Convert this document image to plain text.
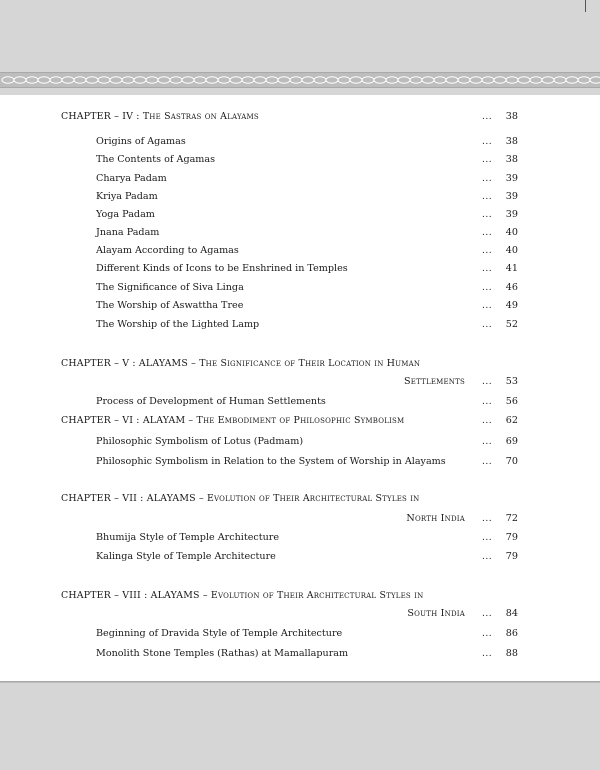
CHAPTER – IV : The Sastras on Alayams	...	38
Origins of Agamas	...	38
The Contents of Agamas	...	38
Charya Padam	...	39
Kriya Padam	...	39
Yoga Padam	...	39
Jnana Padam	...	40
Alayam According to Agamas	...	40
Different Kinds of Icons to be Enshrined in Temples	...	41
The Significance of Siva Linga	...	46
The Worship of Aswattha Tree	...	49
The Worship of the Lighted Lamp	...	52
CHAPTER – V : ALAYAMS – The Significance of Their Location in Human
Settlements ...	53
Process of Development of Human Settlements	...	56
CHAPTER – VI : ALAYAM – The Embodiment of Philosophic Symbolism	...	62
Philosophic Symbolism of Lotus (Padmam)	...	69
Philosophic Symbolism in Relation to the System of Worship in Alayams	...	70
CHAPTER – VII : ALAYAMS – Evolution of Their Architectural Styles in
North India ...	72
Bhumija Style of Temple Architecture	...	79
Kalinga Style of Temple Architecture	...	79
CHAPTER – VIII : ALAYAMS – Evolution of Their Architectural Styles in
South India ...	84
Beginning of Dravida Style of Temple Architecture	...	86
Monolith Stone Temples (Rathas) at Mamallapuram	...	88
